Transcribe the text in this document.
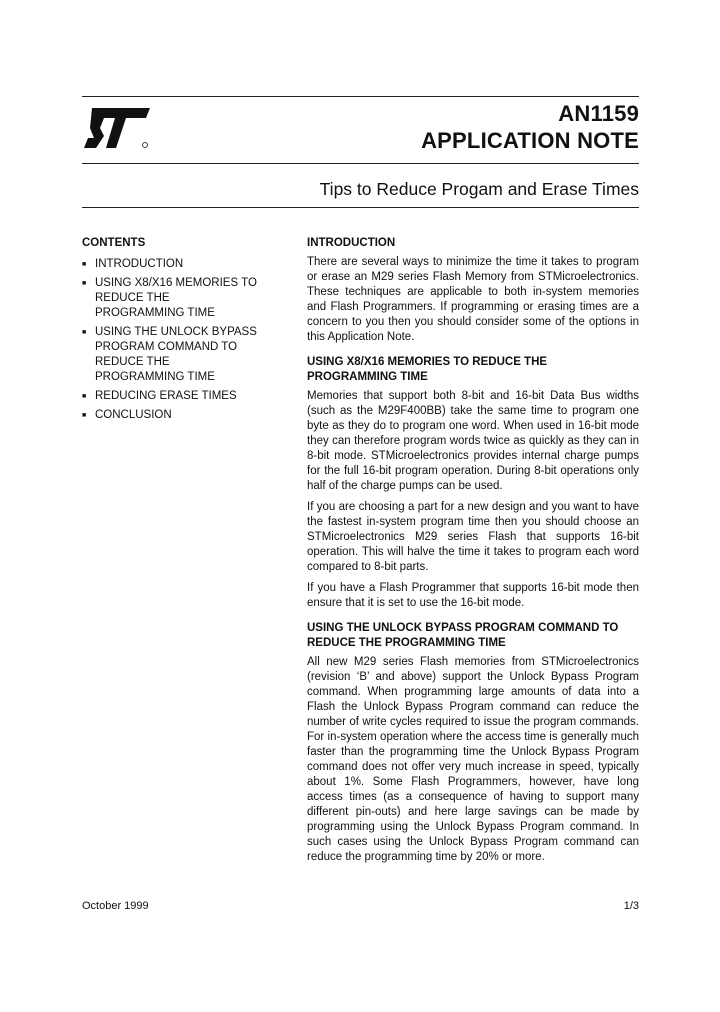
AN1159
APPLICATION NOTE
Tips to Reduce Progam and Erase Times
CONTENTS
■ INTRODUCTION
■ USING X8/X16 MEMORIES TO REDUCE THE PROGRAMMING TIME
■ USING THE UNLOCK BYPASS PROGRAM COMMAND TO REDUCE THE PROGRAMMING TIME
■ REDUCING ERASE TIMES
■ CONCLUSION
INTRODUCTION

There are several ways to minimize the time it takes to program or erase an M29 series Flash Memory from STMicroelectronics. These techniques are applicable to both in-system memories and Flash Programmers. If programming or erasing times are a concern to you then you should consider some of the options in this Application Note.

USING X8/X16 MEMORIES TO REDUCE THE PROGRAMMING TIME

Memories that support both 8-bit and 16-bit Data Bus widths (such as the M29F400BB) take the same time to program one byte as they do to program one word. When used in 16-bit mode they can therefore program words twice as quickly as they can in 8-bit mode. STMicroelectronics provides internal charge pumps for the full 16-bit program operation. During 8-bit operations only half of the charge pumps can be used.

If you are choosing a part for a new design and you want to have the fastest in-system program time then you should choose an STMicroelectronics M29 series Flash that supports 16-bit operation. This will halve the time it takes to program each word compared to 8-bit parts.

If you have a Flash Programmer that supports 16-bit mode then ensure that it is set to use the 16-bit mode.

USING THE UNLOCK BYPASS PROGRAM COMMAND TO REDUCE THE PROGRAMMING TIME

All new M29 series Flash memories from STMicroelectronics (revision ‘B’ and above) support the Unlock Bypass Program command. When programming large amounts of data into a Flash the Unlock Bypass Program command can reduce the number of write cycles required to issue the program commands. For in-system operation where the access time is generally much faster than the programming time the Unlock Bypass Program command does not offer very much increase in speed, typically about 1%. Some Flash Programmers, however, have long access times (as a consequence of having to support many different pin-outs) and here large savings can be made by programming using the Unlock Bypass Program command. In such cases using the Unlock Bypass Program command can reduce the programming time by 20% or more.

October 1999	1/3
